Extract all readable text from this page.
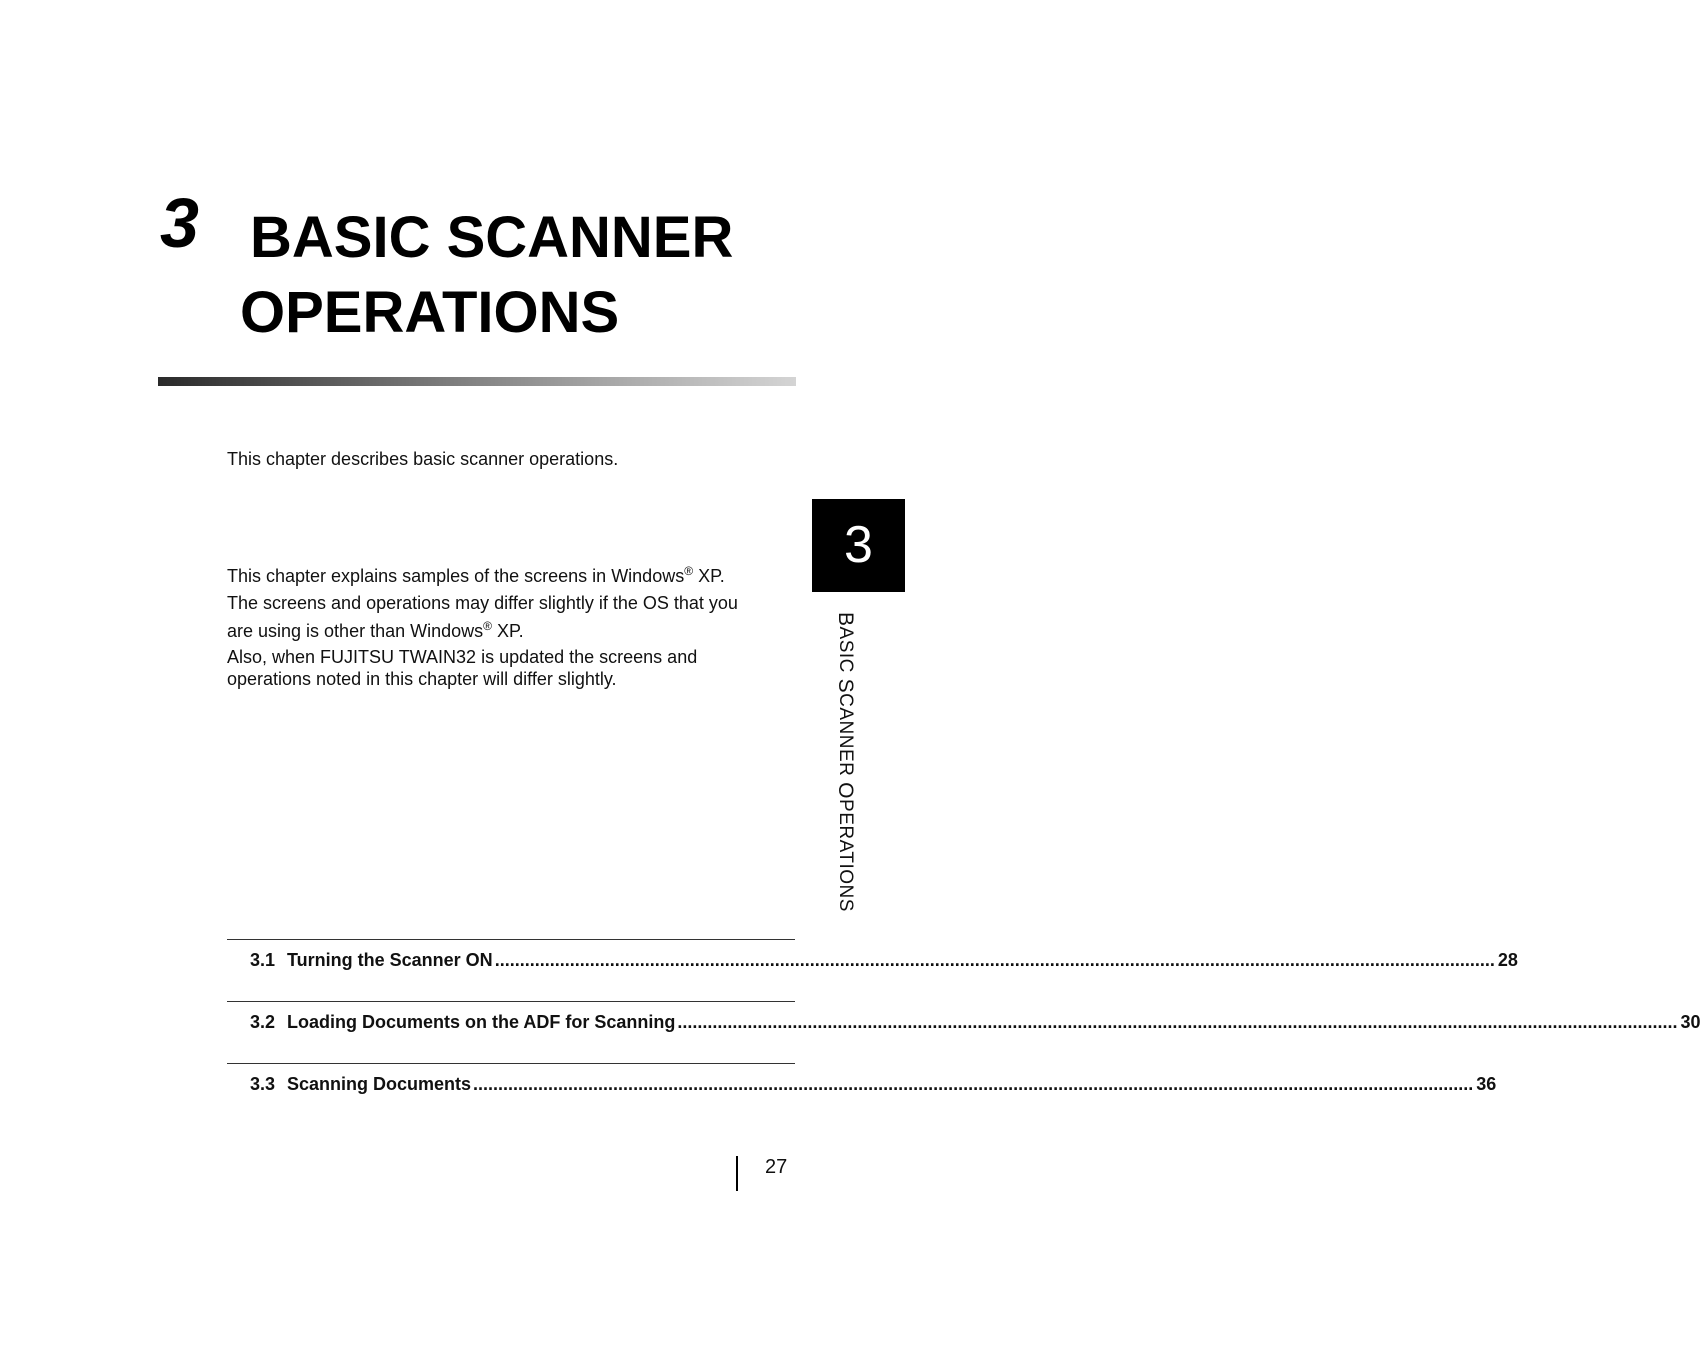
3 BASIC SCANNER
OPERATIONS
This chapter describes basic scanner operations.

This chapter explains samples of the screens in Windows® XP.

The screens and operations may differ slightly if the OS that you

are using is other than Windows® XP.

Also, when FUJITSU TWAIN32 is updated the screens and

operations noted in this chapter will differ slightly.

3
BASIC SCANNER OPERATIONS
3.1 Turning the Scanner ON ........................................................................................................................................................................................................ 28
3.2 Loading Documents on the ADF for Scanning ........................................................................................................................................................................................................ 30
3.3 Scanning Documents ........................................................................................................................................................................................................ 36
27
